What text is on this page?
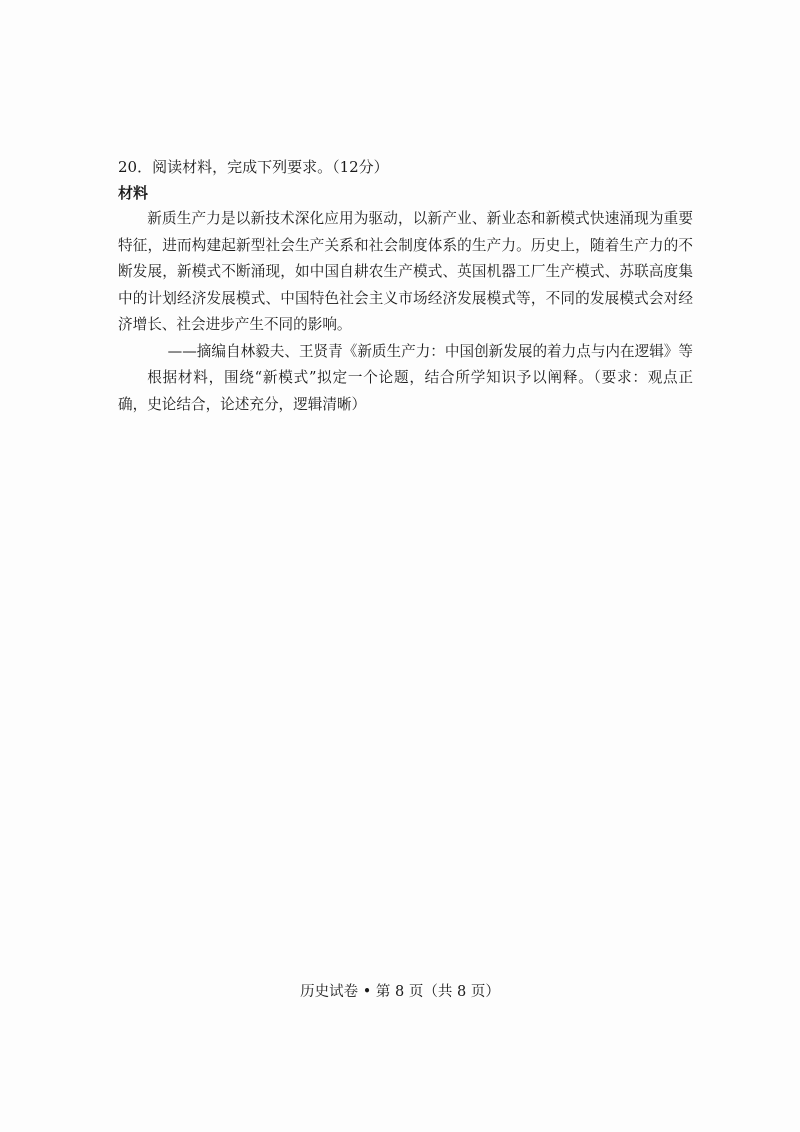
20．阅读材料，完成下列要求。（12分）

材料

新质生产力是以新技术深化应用为驱动，以新产业、新业态和新模式快速涌现为重要特征，进而构建起新型社会生产关系和社会制度体系的生产力。历史上，随着生产力的不断发展，新模式不断涌现，如中国自耕农生产模式、英国机器工厂生产模式、苏联高度集中的计划经济发展模式、中国特色社会主义市场经济发展模式等，不同的发展模式会对经济增长、社会进步产生不同的影响。

——摘编自林毅夫、王贤青《新质生产力：中国创新发展的着力点与内在逻辑》等

根据材料，围绕“新模式”拟定一个论题，结合所学知识予以阐释。（要求：观点正确，史论结合，论述充分，逻辑清晰）

历史试卷 • 第 8 页（共 8 页）
